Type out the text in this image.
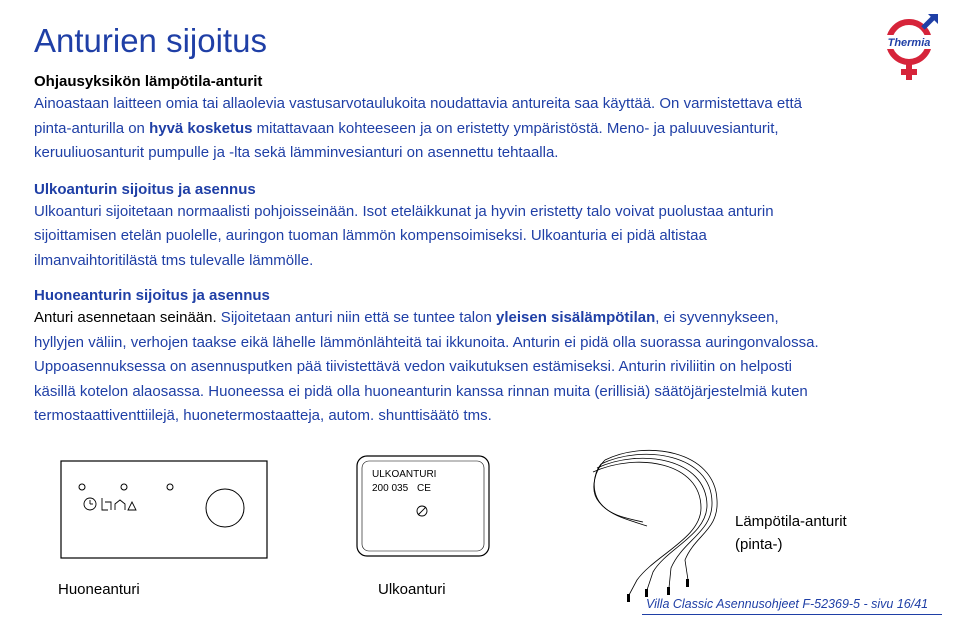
Anturien sijoitus	Thermia
Ohjausyksikön lämpötila-anturit

Ainoastaan laitteen omia tai allaolevia vastusarvotaulukoita noudattavia antureita saa käyttää. On varmistettava että
pinta-anturilla on hyvä kosketus mitattavaan kohteeseen ja on eristetty ympäristöstä. Meno- ja paluuvesianturit,
keruuliuosanturit pumpulle ja -lta sekä lämminvesianturi on asennettu tehtaalla.

Ulkoanturin sijoitus ja asennus

Ulkoanturi sijoitetaan normaalisti pohjoisseinään. Isot eteläikkunat ja hyvin eristetty talo voivat puolustaa anturin
sijoittamisen etelän puolelle, auringon tuoman lämmön kompensoimiseksi. Ulkoanturia ei pidä altistaa
ilmanvaihtoritilästä tms tulevalle lämmölle.

Huoneanturin sijoitus ja asennus

Anturi asennetaan seinään. Sijoitetaan anturi niin että se tuntee talon yleisen sisälämpötilan, ei syvennykseen,
hyllyjen väliin, verhojen taakse eikä lähelle lämmönlähteitä tai ikkunoita. Anturin ei pidä olla suorassa auringonvalossa.
Uppoasennuksessa on asennusputken pää tiivistettävä vedon vaikutuksen estämiseksi. Anturin riviliitin on helposti
käsillä kotelon alaosassa. Huoneessa ei pidä olla huoneanturin kanssa rinnan muita (erillisiä) säätöjärjestelmiä kuten
termostaattiventtiilejä, huonetermostaatteja, autom. shunttisäätö tms.

ULKOANTURI
200 035 CE
Huoneanturi	Ulkoanturi
Lämpötila-anturit
(pinta-)
Villa Classic Asennusohjeet F-52369-5 - sivu 16/41
